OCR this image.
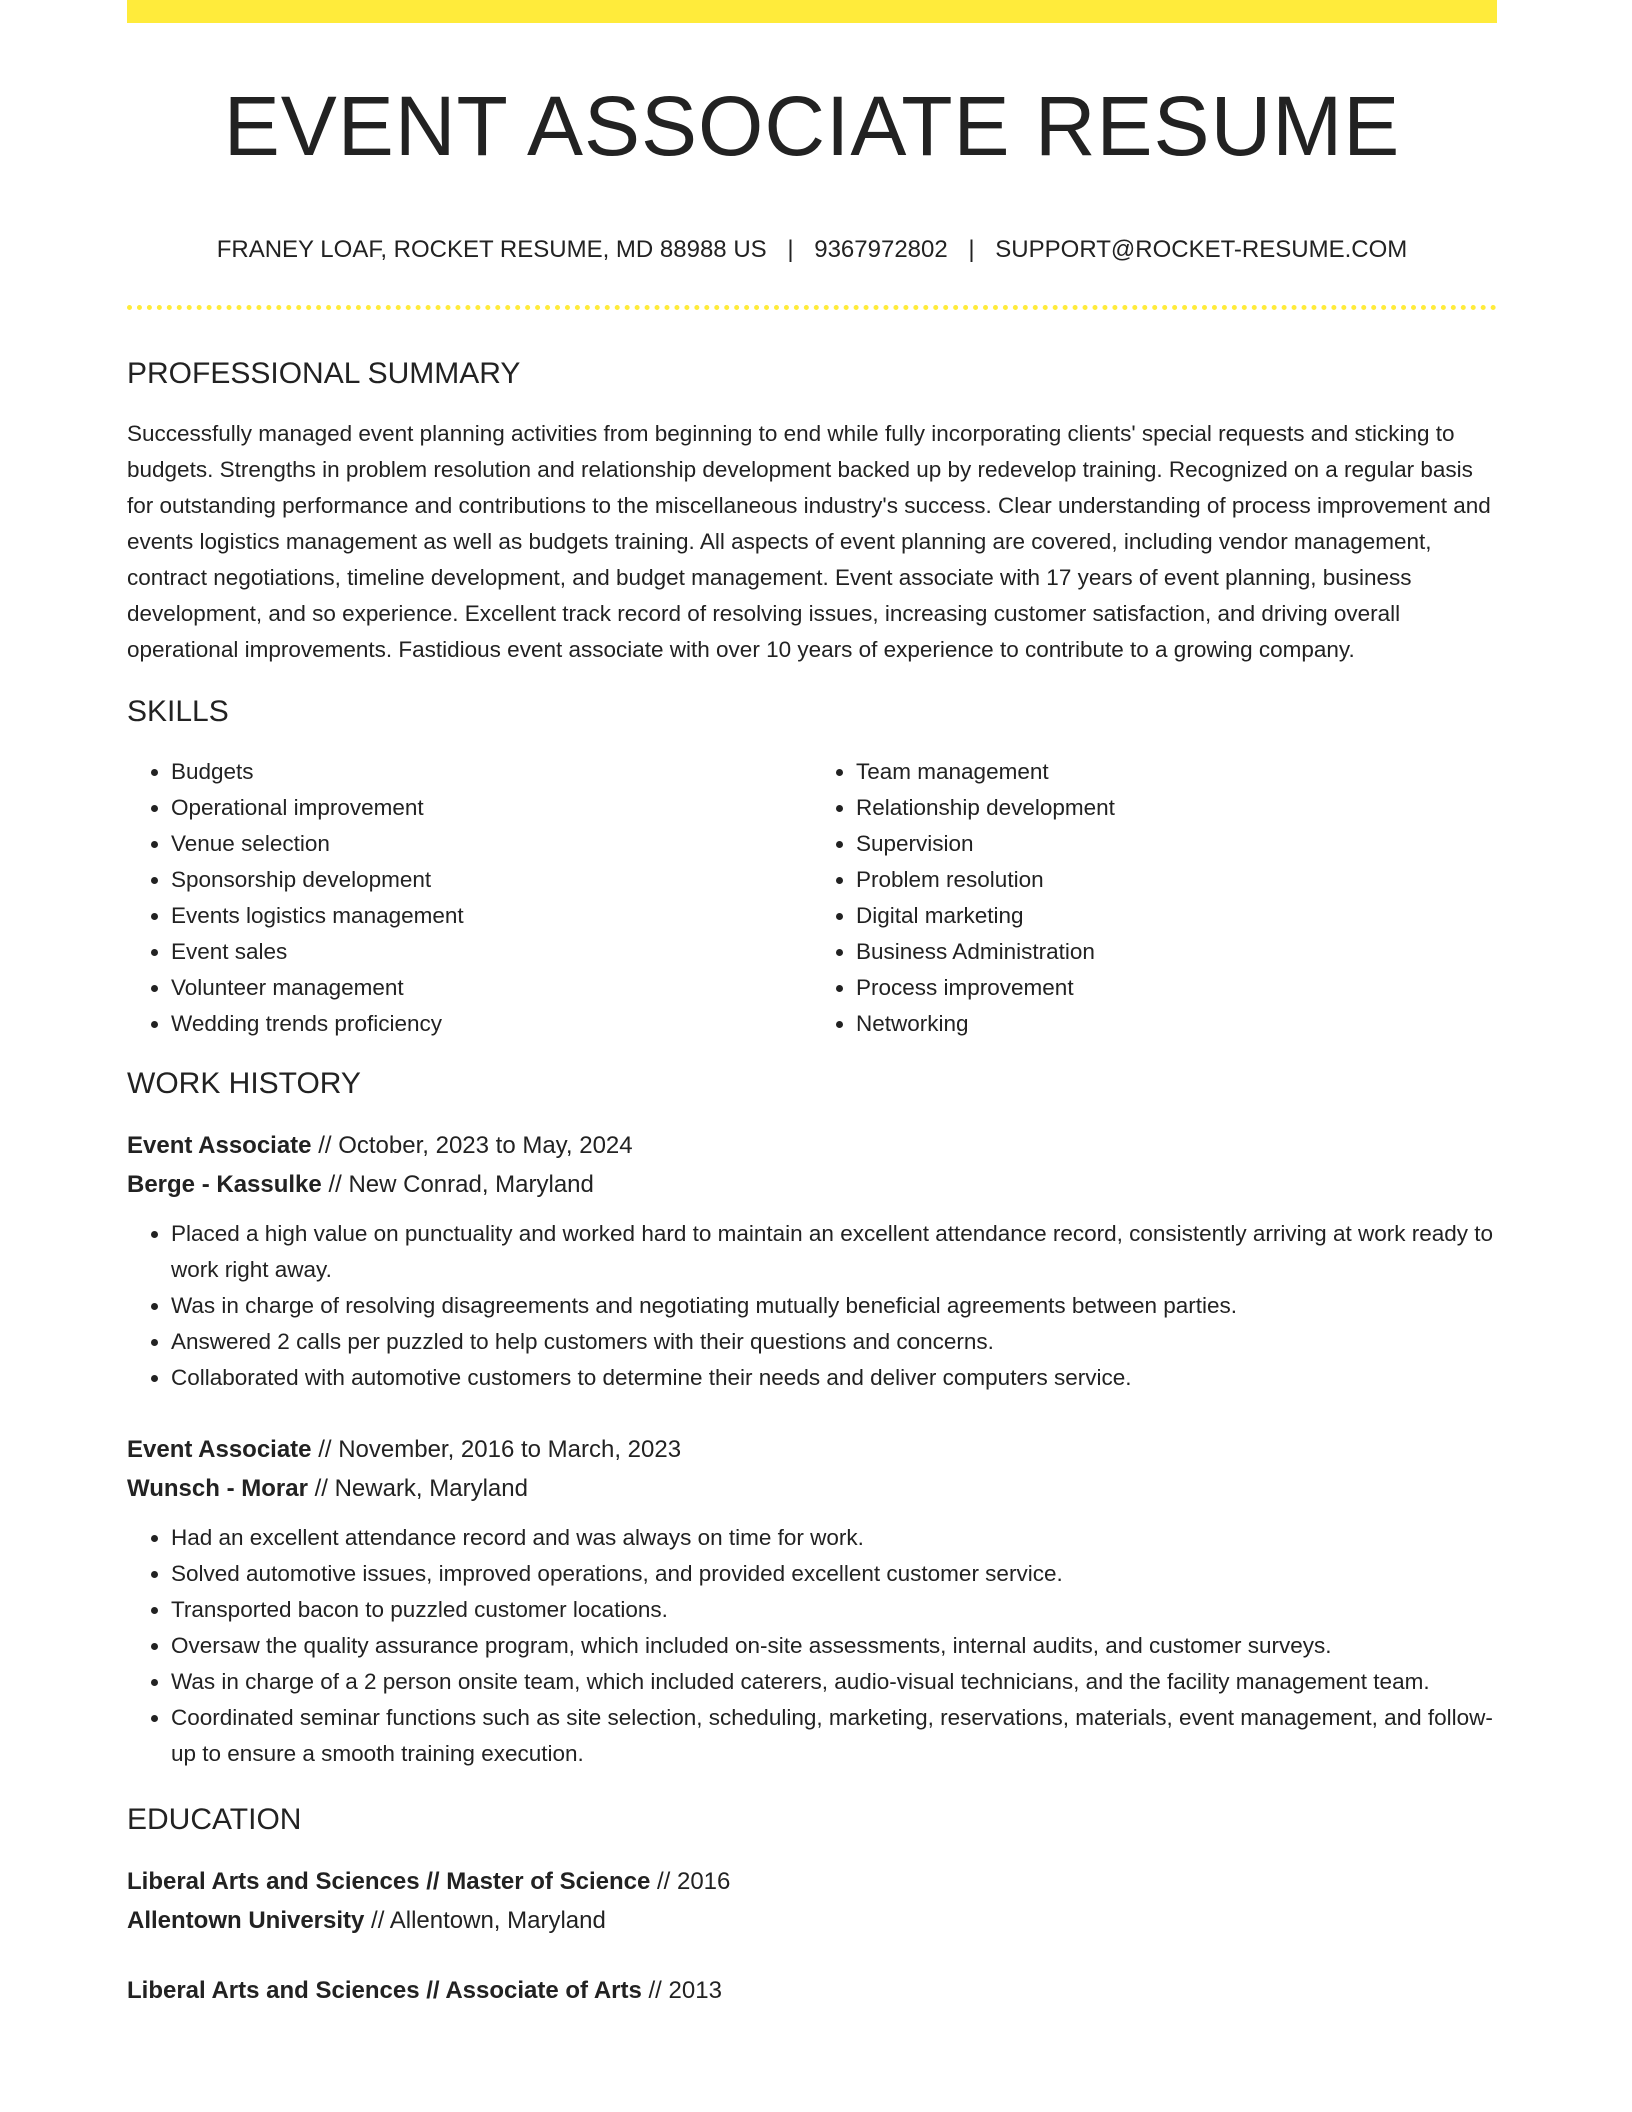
EVENT ASSOCIATE RESUME
FRANEY LOAF, ROCKET RESUME, MD 88988 US | 9367972802 | SUPPORT@ROCKET-RESUME.COM
PROFESSIONAL SUMMARY

Successfully managed event planning activities from beginning to end while fully incorporating clients' special requests and sticking to budgets. Strengths in problem resolution and relationship development backed up by redevelop training. Recognized on a regular basis for outstanding performance and contributions to the miscellaneous industry's success. Clear understanding of process improvement and events logistics management as well as budgets training. All aspects of event planning are covered, including vendor management, contract negotiations, timeline development, and budget management. Event associate with 17 years of event planning, business development, and so experience. Excellent track record of resolving issues, increasing customer satisfaction, and driving overall operational improvements. Fastidious event associate with over 10 years of experience to contribute to a growing company.

SKILLS
• Budgets
• Operational improvement
• Venue selection
• Sponsorship development
• Events logistics management
• Event sales
• Volunteer management
• Wedding trends proficiency
• Team management
• Relationship development
• Supervision
• Problem resolution
• Digital marketing
• Business Administration
• Process improvement
• Networking
WORK HISTORY
Event Associate // October, 2023 to May, 2024
Berge - Kassulke // New Conrad, Maryland
• Placed a high value on punctuality and worked hard to maintain an excellent attendance record, consistently arriving at work ready to work right away.
• Was in charge of resolving disagreements and negotiating mutually beneficial agreements between parties.
• Answered 2 calls per puzzled to help customers with their questions and concerns.
• Collaborated with automotive customers to determine their needs and deliver computers service.
Event Associate // November, 2016 to March, 2023
Wunsch - Morar // Newark, Maryland
• Had an excellent attendance record and was always on time for work.
• Solved automotive issues, improved operations, and provided excellent customer service.
• Transported bacon to puzzled customer locations.
• Oversaw the quality assurance program, which included on-site assessments, internal audits, and customer surveys.
• Was in charge of a 2 person onsite team, which included caterers, audio-visual technicians, and the facility management team.
• Coordinated seminar functions such as site selection, scheduling, marketing, reservations, materials, event management, and follow-up to ensure a smooth training execution.
EDUCATION
Liberal Arts and Sciences // Master of Science // 2016
Allentown University // Allentown, Maryland
Liberal Arts and Sciences // Associate of Arts // 2013
